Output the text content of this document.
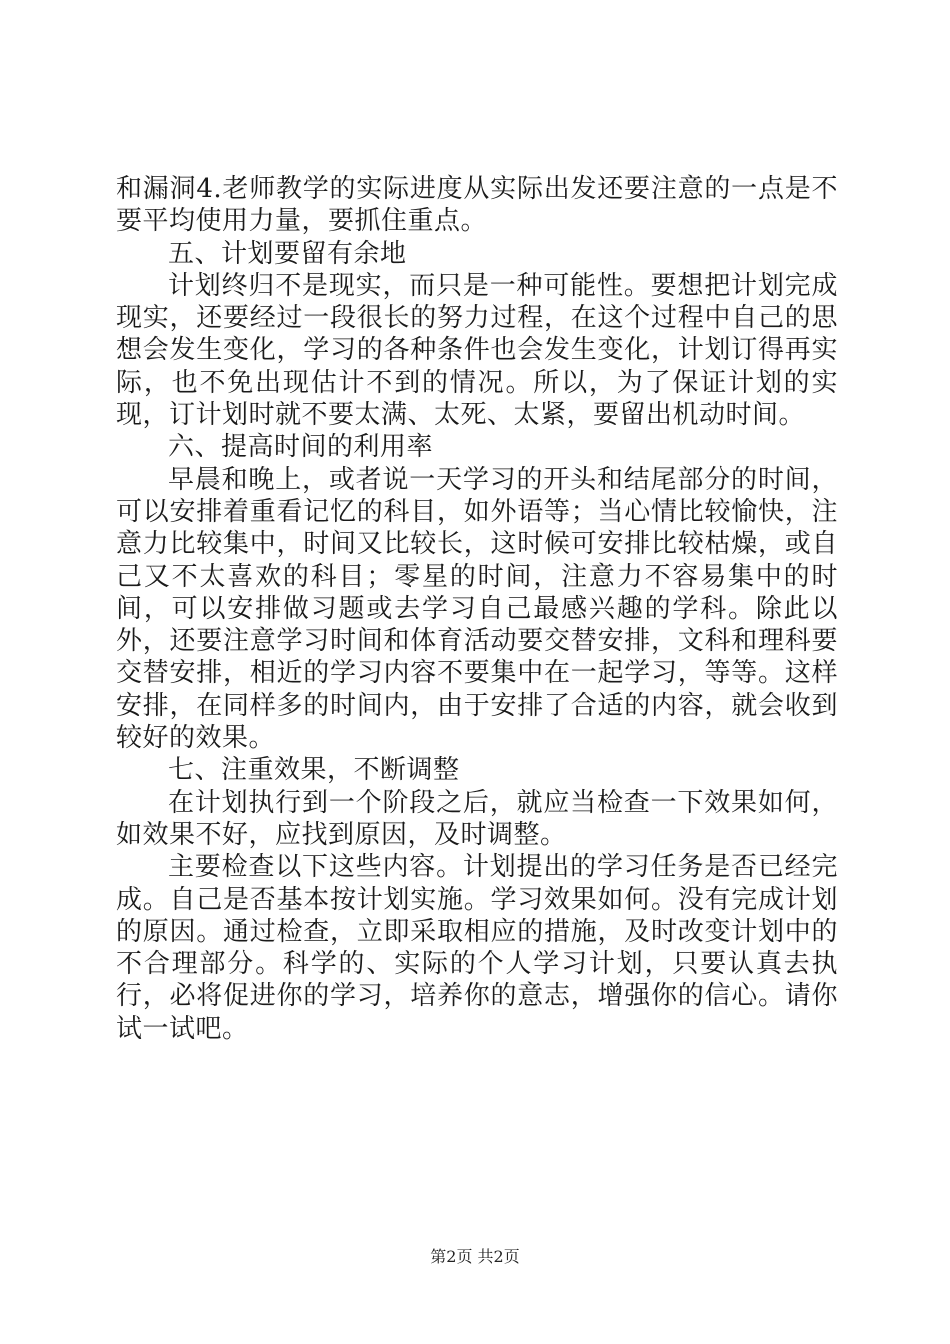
和漏洞4.老师教学的实际进度从实际出发还要注意的一点是不要平均使用力量，要抓住重点。

五、计划要留有余地

计划终归不是现实，而只是一种可能性。要想把计划完成现实，还要经过一段很长的努力过程，在这个过程中自己的思想会发生变化，学习的各种条件也会发生变化，计划订得再实际，也不免出现估计不到的情况。所以，为了保证计划的实现，订计划时就不要太满、太死、太紧，要留出机动时间。

六、提高时间的利用率

早晨和晚上，或者说一天学习的开头和结尾部分的时间，可以安排着重看记忆的科目，如外语等；当心情比较愉快，注意力比较集中，时间又比较长，这时候可安排比较枯燥，或自己又不太喜欢的科目；零星的时间，注意力不容易集中的时间，可以安排做习题或去学习自己最感兴趣的学科。除此以外，还要注意学习时间和体育活动要交替安排，文科和理科要交替安排，相近的学习内容不要集中在一起学习，等等。这样安排，在同样多的时间内，由于安排了合适的内容，就会收到较好的效果。

七、注重效果，不断调整

在计划执行到一个阶段之后，就应当检查一下效果如何，如效果不好，应找到原因，及时调整。

主要检查以下这些内容。计划提出的学习任务是否已经完成。自己是否基本按计划实施。学习效果如何。没有完成计划的原因。通过检查，立即采取相应的措施，及时改变计划中的不合理部分。科学的、实际的个人学习计划，只要认真去执行，必将促进你的学习，培养你的意志，增强你的信心。请你试一试吧。

第2页 共2页
